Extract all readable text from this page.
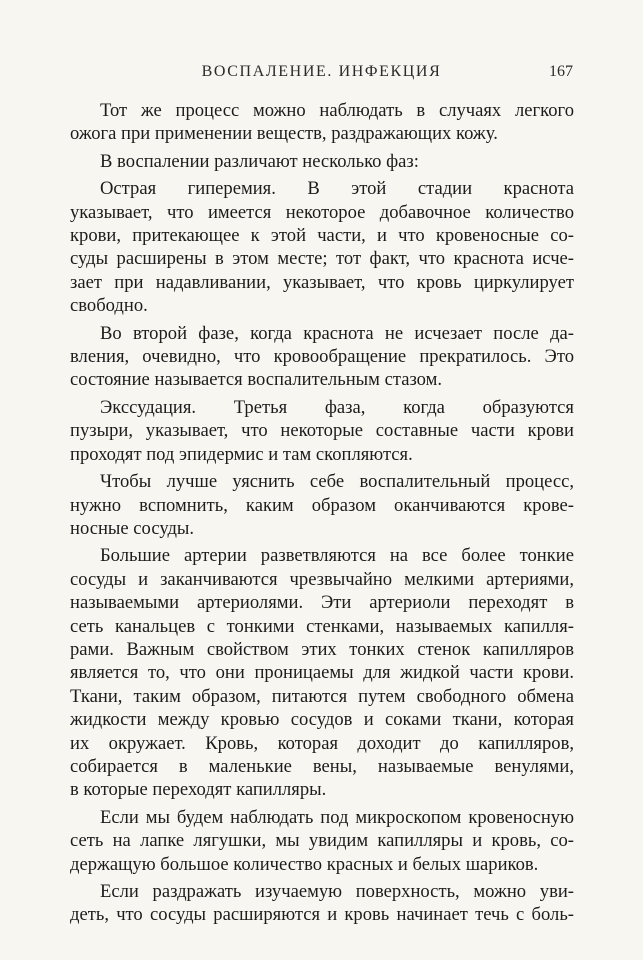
ВОСПАЛЕНИЕ. ИНФЕКЦИЯ	167
Тот же процесс можно наблюдать в случаях легкого
ожога при применении веществ, раздражающих кожу.
В воспалении различают несколько фаз:
Острая гиперемия. В этой стадии краснота
указывает, что имеется некоторое добавочное количество
крови, притекающее к этой части, и что кровеносные со-
суды расширены в этом месте; тот факт, что краснота исче-
зает при надавливании, указывает, что кровь циркулирует
свободно.
Во второй фазе, когда краснота не исчезает после да-
вления, очевидно, что кровообращение прекратилось. Это
состояние называется воспалительным стазом.
Экссудация. Третья фаза, когда образуются
пузыри, указывает, что некоторые составные части крови
проходят под эпидермис и там скопляются.
Чтобы лучше уяснить себе воспалительный процесс,
нужно вспомнить, каким образом оканчиваются крове-
носные сосуды.
Большие артерии разветвляются на все более тонкие
сосуды и заканчиваются чрезвычайно мелкими артериями,
называемыми артериолями. Эти артериоли переходят в
сеть канальцев с тонкими стенками, называемых капилля-
рами. Важным свойством этих тонких стенок капилляров
является то, что они проницаемы для жидкой части крови.
Ткани, таким образом, питаются путем свободного обмена
жидкости между кровью сосудов и соками ткани, которая
их окружает. Кровь, которая доходит до капилляров,
собирается в маленькие вены, называемые венулями,
в которые переходят капилляры.
Если мы будем наблюдать под микроскопом кровеносную
сеть на лапке лягушки, мы увидим капилляры и кровь, со-
держащую большое количество красных и белых шариков.
Если раздражать изучаемую поверхность, можно уви-
деть, что сосуды расширяются и кровь начинает течь с боль-
